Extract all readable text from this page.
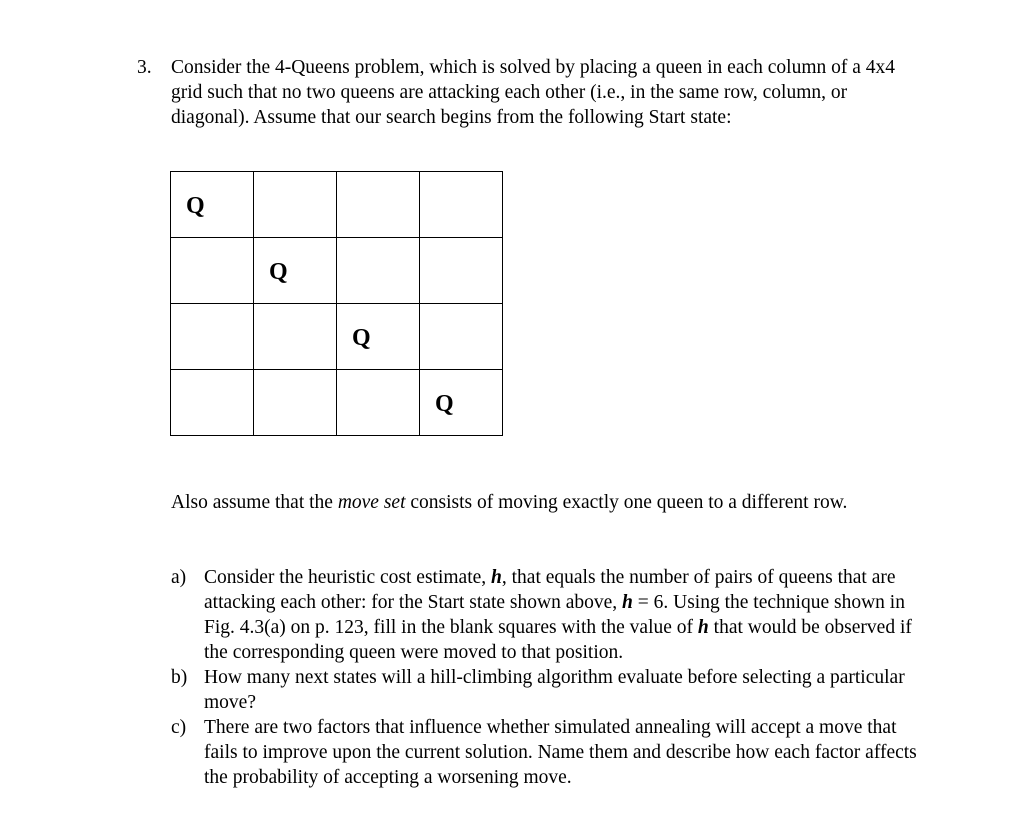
3. Consider the 4-Queens problem, which is solved by placing a queen in each column of a 4x4 grid such that no two queens are attacking each other (i.e., in the same row, column, or diagonal). Assume that our search begins from the following Start state:
Q			
	Q		
		Q	
			Q
Also assume that the move set consists of moving exactly one queen to a different row.
a) Consider the heuristic cost estimate, h, that equals the number of pairs of queens that are attacking each other: for the Start state shown above, h = 6. Using the technique shown in Fig. 4.3(a) on p. 123, fill in the blank squares with the value of h that would be observed if the corresponding queen were moved to that position.
b) How many next states will a hill-climbing algorithm evaluate before selecting a particular move?
c) There are two factors that influence whether simulated annealing will accept a move that fails to improve upon the current solution. Name them and describe how each factor affects the probability of accepting a worsening move.
